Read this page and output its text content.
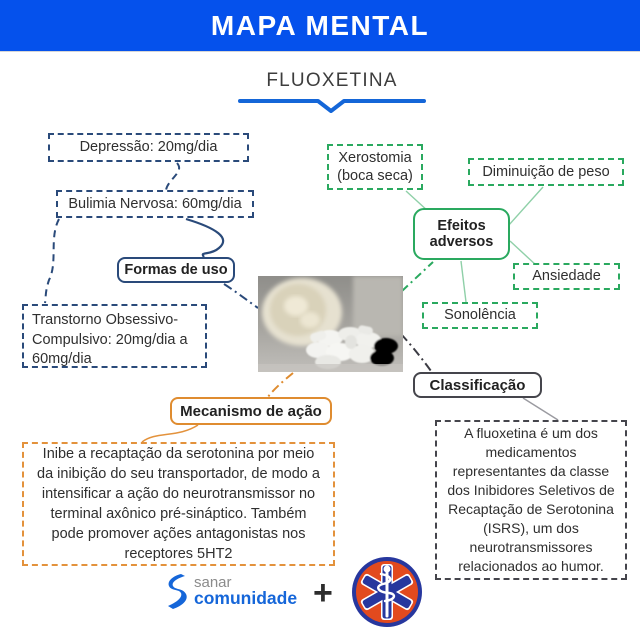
MAPA MENTAL
FLUOXETINA
Depressão: 20mg/dia
Bulimia Nervosa: 60mg/dia
Formas de uso
Transtorno Obsessivo-Compulsivo: 20mg/dia a 60mg/dia
Xerostomia (boca seca)	Diminuição de peso
Efeitos adversos
Ansiedade
Sonolência
Classificação
A fluoxetina é um dos medicamentos representantes da classe dos Inibidores Seletivos de Recaptação de Serotonina (ISRS), um dos neurotransmissores relacionados ao humor.
Mecanismo de ação
Inibe a recaptação da serotonina por meio da inibição do seu transportador, de modo a intensificar a ação do neurotransmissor no terminal axônico pré-sináptico. Também pode promover ações antagonistas nos receptores 5HT2
sanar
comunidade +
